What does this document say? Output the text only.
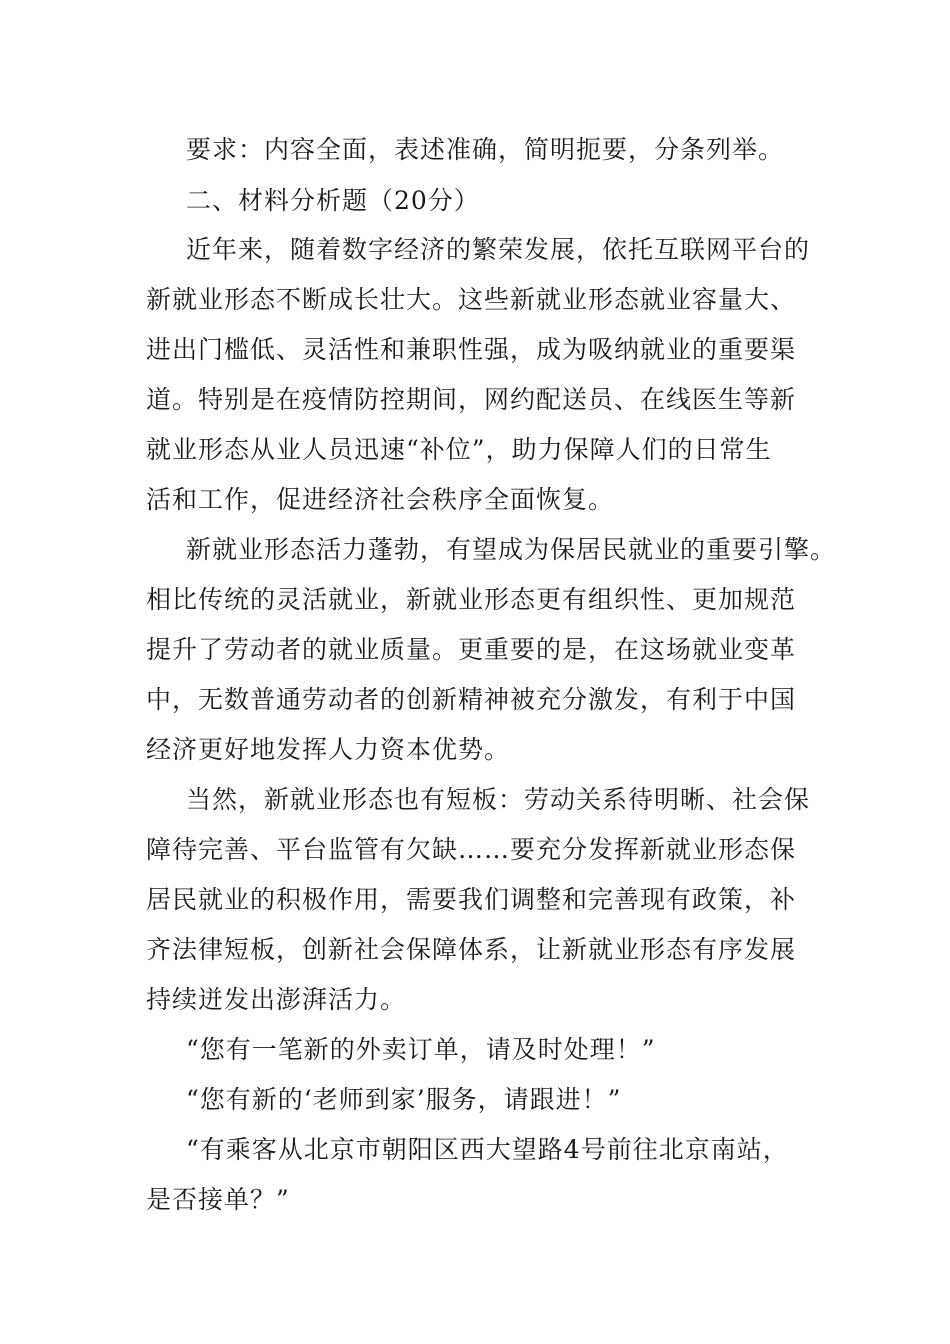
要求：内容全面，表述准确，简明扼要，分条列举。
二、材料分析题（20分）
近年来，随着数字经济的繁荣发展，依托互联网平台的
新就业形态不断成长壮大。这些新就业形态就业容量大、
进出门槛低、灵活性和兼职性强，成为吸纳就业的重要渠
道。特别是在疫情防控期间，网约配送员、在线医生等新
就业形态从业人员迅速“补位”，助力保障人们的日常生
活和工作，促进经济社会秩序全面恢复。
新就业形态活力蓬勃，有望成为保居民就业的重要引擎。
相比传统的灵活就业，新就业形态更有组织性、更加规范
提升了劳动者的就业质量。更重要的是，在这场就业变革
中，无数普通劳动者的创新精神被充分激发，有利于中国
经济更好地发挥人力资本优势。
当然，新就业形态也有短板：劳动关系待明晰、社会保
障待完善、平台监管有欠缺……要充分发挥新就业形态保
居民就业的积极作用，需要我们调整和完善现有政策，补
齐法律短板，创新社会保障体系，让新就业形态有序发展
持续迸发出澎湃活力。
“您有一笔新的外卖订单，请及时处理！”
“您有新的‘老师到家’服务，请跟进！”
“有乘客从北京市朝阳区西大望路4号前往北京南站，
是否接单？”
